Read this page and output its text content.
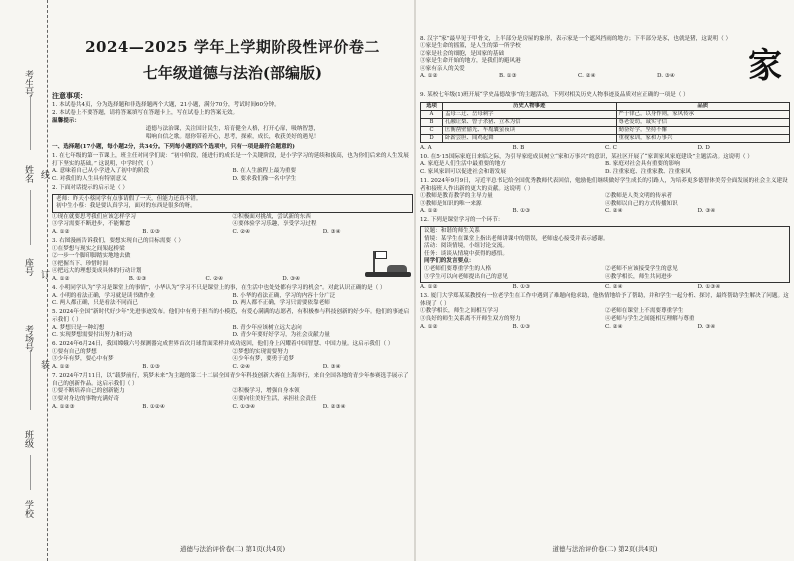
考生号
姓名
座号
考场号
班级
学校
线
订
装
2024—2025 学年上学期阶段性评价卷二
七年级道德与法治(部编版)
注意事项：
1. 本试卷共4页，分为选择题和非选择题两个大题，21小题，满分70分，考试时间60分钟。
2. 本试卷上不要答题，请将答案填写在答题卡上，写在试卷上的答案无效。
温馨提示：
道德与法治课，关注国计民生，培育健全人格，打开心扉，吸纳智慧，
唱响自信之歌。愿你带着开心，思考，探索，成长，收获美好的遇见！
一、选择题(17小题，每小题2分，共34分。下列每小题的四个选项中，只有一项是最符合题意的)
1. 在七年级的第一节课上，班主任对同学们说：“初中阶段，能进行的成长是一个关键阶段，是小学学习的延续和拔高，也为你们后来的人生发展打下坚实的基础。” 这说明，中学时代（ ）
A. 意味着自己从小学进入了初中的阶段	B. 在人生旅程上最为重要
C. 对我们的人生具有特别意义	D. 要求我们像一名中学生
2. 下面对话提示的启示是（ ）
老师：昨天小蔡同学有点事请假了一天，但能力还真不错。
初中生小蔡：我是要认真学习，面对的东西是很多的呀。
①现在就要思考我们应该怎样学习	②积极面对挑战，尝试新的东西
③学习需要不断进步，不能懈怠	④要体验学习乐趣，享受学习过程
A. ①②	B. ①③	C. ②④	D. ③④
3. 右图漫画告诉我们，要想实现自己的目标需要（ ）
①在梦想与现实之间架起桥梁
②一步一个脚印脚踏实地地去做
③把握当下、珍惜时间
④把远大的理想变成具体的行动计划
A. ①②	B. ①③	C. ②④	D. ③④
4. 小明同学认为“学习是课堂上的事情”，小华认为“学习不只是课堂上的事，在生活中也处处都有学习的机会”。对此认识正确的是（ ）
A. 小明的看法正确，学习就是读书做作业	B. 小华的看法正确，学习的内容十分广泛
C. 两人都正确，只是看法不同而已	D. 两人都不正确，学习只需要依靠老师
5. 2024年全国“新时代好少年”先进事迹发布。他们中有勇于担当的小模范，有爱心满满的志愿者，有积极参与科技创新的好少年。他们的事迹启示我们（ ）
A. 梦想只是一种幻想	B. 青少年应该树立远大志向
C. 实现梦想需要付出努力和行动	D. 青少年要好好学习，为社会贡献力量
6. 2024年6月24日，我国嫦娥六号探测器完成世界首次月球背面采样并成功返回，他们身上闪耀着中国智慧、中国力量。这启示我们（ ）
①要有自己的梦想	②梦想的实现需要努力
③少年有梦，要心中有梦	④少年有梦，要勇于追梦
A. ①②	B. ①③	C. ②④	D. ③④
7. 2024年7月11日，以“载梦前行，筑梦未来”为主题的第二十二届全国青少年科技创新大赛在上海举行，来自全国各地的青少年参赛选手展示了自己的创新作品。这启示我们（ ）
①要不断培养自己的创新能力	②积极学习，增强自身本领
③要对身边的事物充满好奇	④要向往美好生活，承担社会责任
A. ①②③	B. ①②④	C. ①③④	D. ②③④
道德与法治评价卷(二) 第1页(共4页)
家
8. 汉字“家”最早见于甲骨文，上半部分是房屋的象形，表示家是一个遮风挡雨的地方；下半部分是豕，也就是猪，这说明（ ）
①家是生命的摇篮，是人生的第一所学校
②家是社会的细胞，是国家的基础
③家是生命开始的地方，是我们的避风港
④家有亲人的关爱
A. ①②	B. ①③	C. ②④	D. ③④
9. 某校七年级(1)班开展“学史品德故事”的主题活动，下列对相关历史人物事迹及品质对应正确的一项是（ ）
选项	历史人物事迹	品质
A	孟母三迁、岳母刺字	严于律己，以身作则，家风传承
B	孔融让梨、曾子杀猪、立木为信	尊老爱幼，诚实守信
C	匡衡凿壁偷光、车胤囊萤夜读	勤奋好学，坚持不懈
D	卧薪尝胆、闻鸡起舞	重视家训，家和万事兴
A. A	B. B	C. C	D. D
10. 在5·15国际家庭日来临之际，为引导家庭成员树立“家和万事兴”的意识，某社区开展了“家训家风家庭建设”主题活动。这说明（ ）
A. 家庭是人们生活中最重要的地方	B. 家庭对社会具有重要的影响
C. 家风家训可以促进社会和谐发展	D. 注重家庭、注重家教、注重家风
11. 2024年9月9日，习近平总书记给全国优秀教师代表回信，勉励他们继续做好学生成长的引路人，为培养更多德智体美劳全面发展的社会主义建设者和接班人作出新的更大的贡献。这说明（ ）
①教师是教育教学的主导力量	②教师是人类文明的传承者
③教师是知识的唯一来源	④教师以自己的方式传播知识
A. ①②	B. ①③	C. ②④	D. ③④
12. 下列是课堂学习的一个环节：
议题：和谐的师生关系
情境：某学生在课堂上指出老师讲课中的错误，老师虚心接受并表示感谢。
活动：阅读情境，小组讨论交流。
任务：谈谈从情境中获得的感悟。
同学们的发言要点：
①老师们要尊重学生的人格	②老师不应该接受学生的意见
③学生可以向老师提出自己的意见	④教学相长，师生共同进步
A. ①②	B. ①③	C. ②④	D. ①③④
13. 厦门大学郑某某教授有一位老学生在工作中遇到了难题向他求助，他热情地给予了帮助，并和学生一起分析、探讨，最终帮助学生解决了问题。这体现了（ ）
①教学相长，师生之间相互学习	②老师在课堂上不需要尊重学生
③良好的师生关系离不开师生双方的努力	④老师与学生之间能相互理解与尊重
A. ①②	B. ①③	C. ②④	D. ③④
道德与法治评价卷(二) 第2页(共4页)
